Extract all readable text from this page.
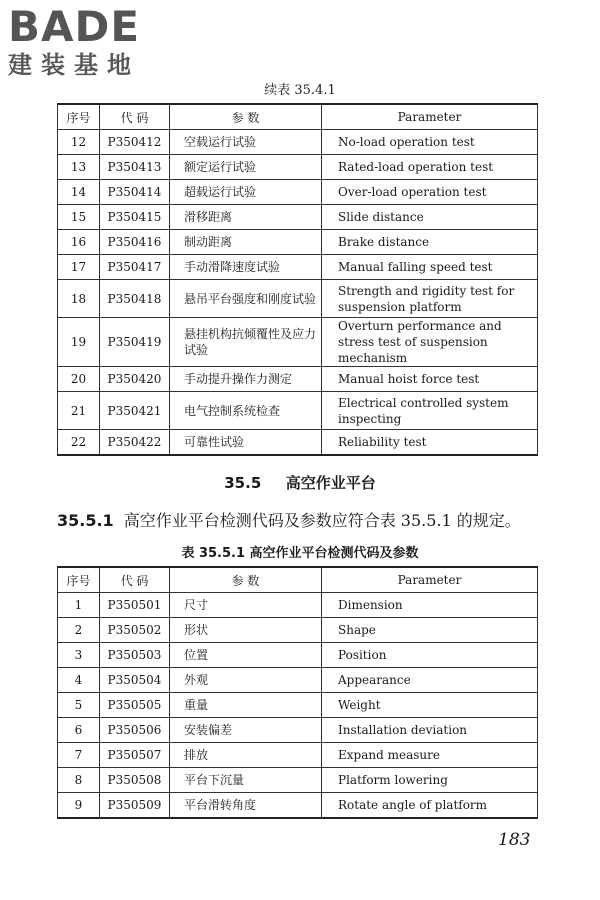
BADE
建装基地
续表 35.4.1
序号	代 码	参 数	Parameter
12	P350412	空载运行试验	No-load operation test
13	P350413	额定运行试验	Rated-load operation test
14	P350414	超载运行试验	Over-load operation test
15	P350415	滑移距离	Slide distance
16	P350416	制动距离	Brake distance
17	P350417	手动滑降速度试验	Manual falling speed test
18	P350418	悬吊平台强度和刚度试验	Strength and rigidity test for suspension platform
19	P350419	悬挂机构抗倾覆性及应力试验	Overturn performance and stress test of suspension mechanism
20	P350420	手动提升操作力测定	Manual hoist force test
21	P350421	电气控制系统检查	Electrical controlled system inspecting
22	P350422	可靠性试验	Reliability test
35.5 高空作业平台
35.5.1 高空作业平台检测代码及参数应符合表 35.5.1 的规定。
表 35.5.1 高空作业平台检测代码及参数
序号	代 码	参 数	Parameter
1	P350501	尺寸	Dimension
2	P350502	形状	Shape
3	P350503	位置	Position
4	P350504	外观	Appearance
5	P350505	重量	Weight
6	P350506	安装偏差	Installation deviation
7	P350507	排放	Expand measure
8	P350508	平台下沉量	Platform lowering
9	P350509	平台滑转角度	Rotate angle of platform
183
